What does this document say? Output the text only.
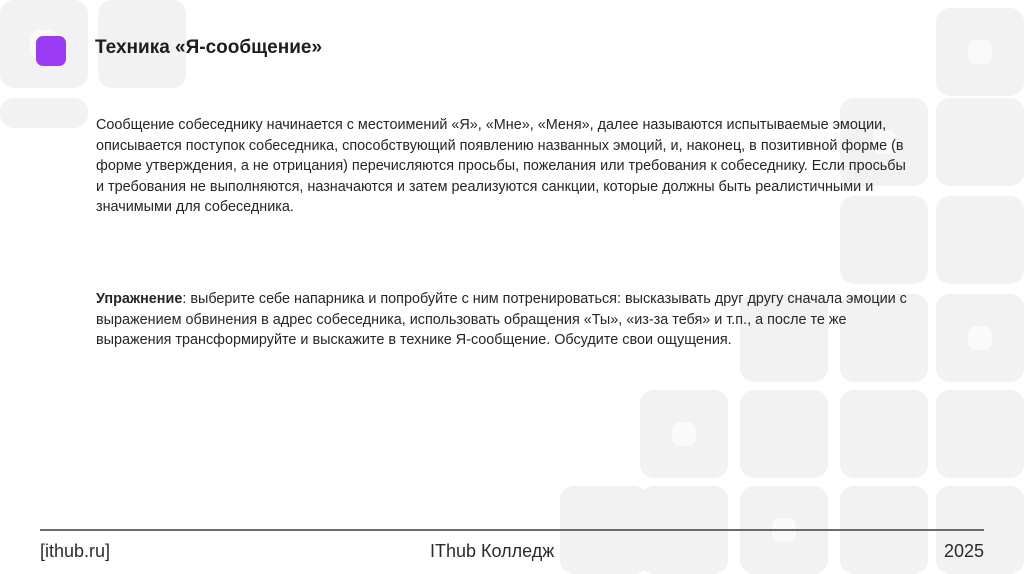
Техника «Я-сообщение»
Сообщение собеседнику начинается с местоимений «Я», «Мне», «Меня», далее называются испытываемые эмоции, описывается поступок собеседника, способствующий появлению названных эмоций, и, наконец, в позитивной форме (в форме утверждения, а не отрицания) перечисляются просьбы, пожелания или требования к собеседнику. Если просьбы и требования не выполняются, назначаются и затем реализуются санкции, которые должны быть реалистичными и значимыми для собеседника.
Упражнение: выберите себе напарника и попробуйте с ним потренироваться: высказывать друг другу сначала эмоции с выражением обвинения в адрес собеседника, использовать обращения «Ты», «из-за тебя» и т.п., а после те же выражения трансформируйте и выскажите в технике Я-сообщение. Обсудите свои ощущения.
[ithub.ru]	IThub Колледж	2025
